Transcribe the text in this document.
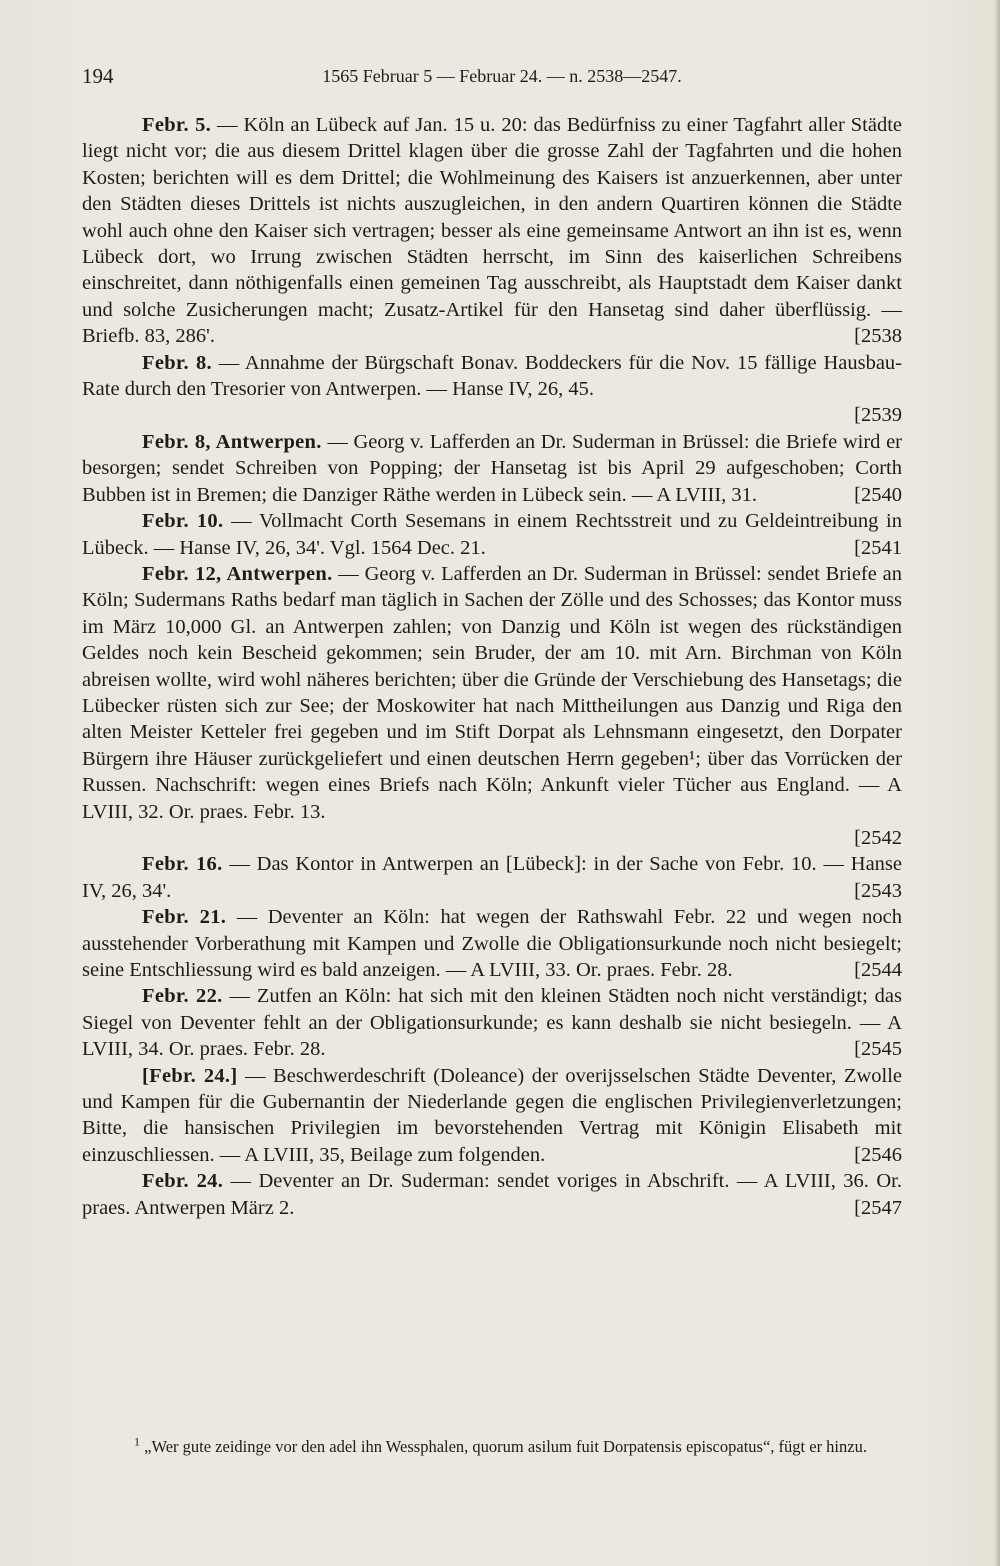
194	1565 Februar 5 — Februar 24. — n. 2538—2547.

Febr. 5. — Köln an Lübeck auf Jan. 15 u. 20: das Bedürfniss zu einer Tagfahrt aller Städte liegt nicht vor; die aus diesem Drittel klagen über die grosse Zahl der Tagfahrten und die hohen Kosten; berichten will es dem Drittel; die Wohlmeinung des Kaisers ist anzuerkennen, aber unter den Städten dieses Drittels ist nichts auszugleichen, in den andern Quartiren können die Städte wohl auch ohne den Kaiser sich vertragen; besser als eine gemeinsame Antwort an ihn ist es, wenn Lübeck dort, wo Irrung zwischen Städten herrscht, im Sinn des kaiserlichen Schreibens einschreitet, dann nöthigenfalls einen gemeinen Tag ausschreibt, als Hauptstadt dem Kaiser dankt und solche Zusicherungen macht; Zusatz-Artikel für den Hansetag sind daher überflüssig. — Briefb. 83, 286'.	[2538

Febr. 8. — Annahme der Bürgschaft Bonav. Boddeckers für die Nov. 15 fällige Hausbau-Rate durch den Tresorier von Antwerpen. — Hanse IV, 26, 45.
[2539

Febr. 8, Antwerpen. — Georg v. Lafferden an Dr. Suderman in Brüssel: die Briefe wird er besorgen; sendet Schreiben von Popping; der Hansetag ist bis April 29 aufgeschoben; Corth Bubben ist in Bremen; die Danziger Räthe werden in Lübeck sein. — A LVIII, 31.	[2540

Febr. 10. — Vollmacht Corth Sesemans in einem Rechtsstreit und zu Geldeintreibung in Lübeck. — Hanse IV, 26, 34'. Vgl. 1564 Dec. 21.	[2541

Febr. 12, Antwerpen. — Georg v. Lafferden an Dr. Suderman in Brüssel: sendet Briefe an Köln; Sudermans Raths bedarf man täglich in Sachen der Zölle und des Schosses; das Kontor muss im März 10,000 Gl. an Antwerpen zahlen; von Danzig und Köln ist wegen des rückständigen Geldes noch kein Bescheid gekommen; sein Bruder, der am 10. mit Arn. Birchman von Köln abreisen wollte, wird wohl näheres berichten; über die Gründe der Verschiebung des Hansetags; die Lübecker rüsten sich zur See; der Moskowiter hat nach Mittheilungen aus Danzig und Riga den alten Meister Ketteler frei gegeben und im Stift Dorpat als Lehnsmann eingesetzt, den Dorpater Bürgern ihre Häuser zurückgeliefert und einen deutschen Herrn gegeben¹; über das Vorrücken der Russen. Nachschrift: wegen eines Briefs nach Köln; Ankunft vieler Tücher aus England. — A LVIII, 32. Or. praes. Febr. 13.
[2542

Febr. 16. — Das Kontor in Antwerpen an [Lübeck]: in der Sache von Febr. 10. — Hanse IV, 26, 34'.	[2543

Febr. 21. — Deventer an Köln: hat wegen der Rathswahl Febr. 22 und wegen noch ausstehender Vorberathung mit Kampen und Zwolle die Obligationsurkunde noch nicht besiegelt; seine Entschliessung wird es bald anzeigen. — A LVIII, 33. Or. praes. Febr. 28.	[2544

Febr. 22. — Zutfen an Köln: hat sich mit den kleinen Städten noch nicht verständigt; das Siegel von Deventer fehlt an der Obligationsurkunde; es kann deshalb sie nicht besiegeln. — A LVIII, 34. Or. praes. Febr. 28.	[2545

[Febr. 24.] — Beschwerdeschrift (Doleance) der overijsselschen Städte Deventer, Zwolle und Kampen für die Gubernantin der Niederlande gegen die englischen Privilegienverletzungen; Bitte, die hansischen Privilegien im bevorstehenden Vertrag mit Königin Elisabeth mit einzuschliessen. — A LVIII, 35, Beilage zum folgenden.	[2546

Febr. 24. — Deventer an Dr. Suderman: sendet voriges in Abschrift. — A LVIII, 36. Or. praes. Antwerpen März 2.	[2547

$^1$ „Wer gute zeidinge vor den adel ihn Wessphalen, quorum asilum fuit Dorpatensis episcopatus“, fügt er hinzu.
